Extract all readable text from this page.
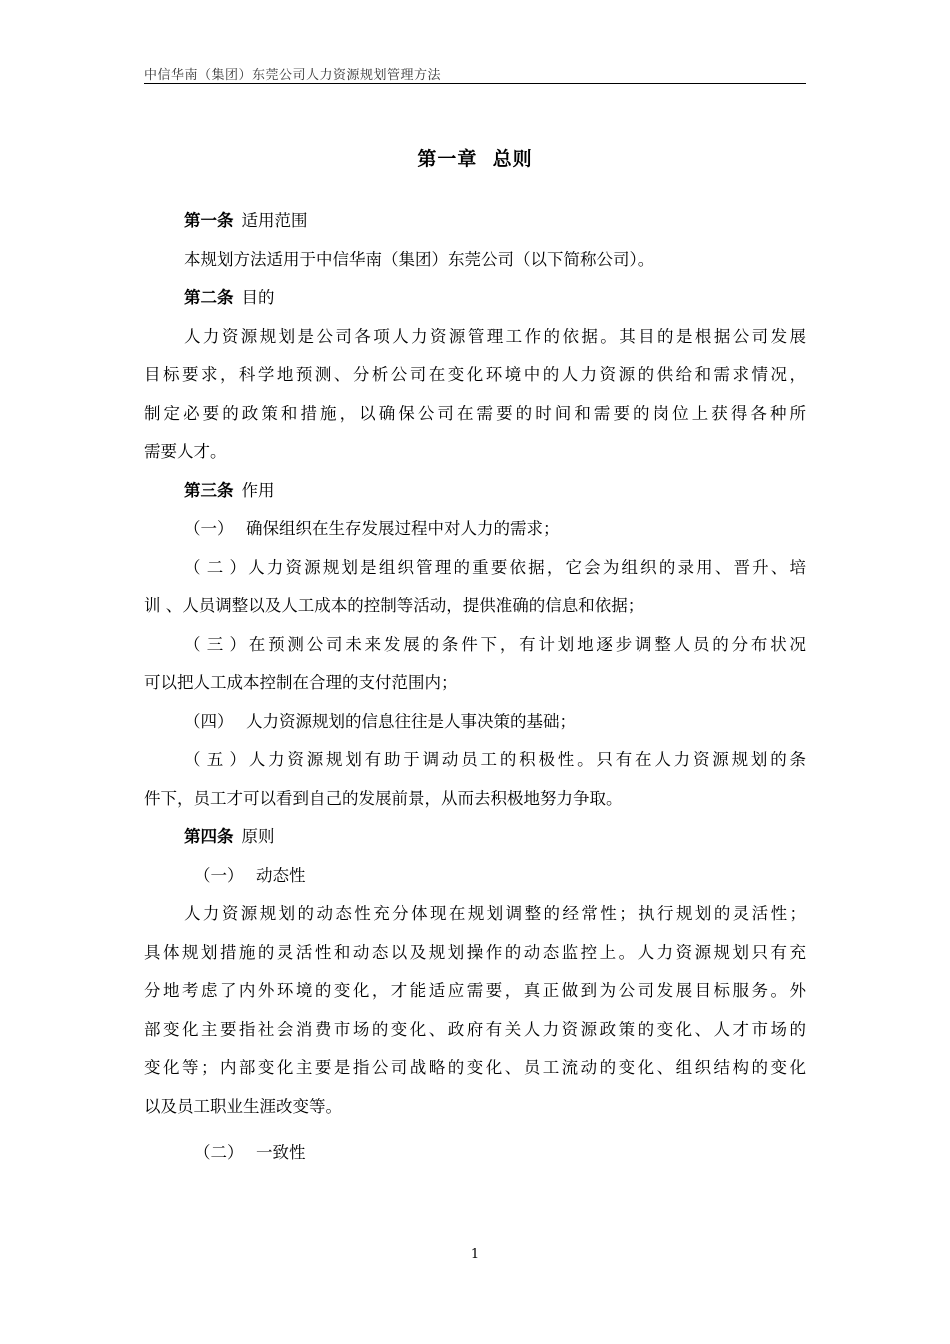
中信华南（集团）东莞公司人力资源规划管理方法
第一章  总则
第一条 适用范围
本规划方法适用于中信华南（集团）东莞公司（以下简称公司）。
第二条 目的
人力资源规划是公司各项人力资源管理工作的依据。其目的是根据公司发展
目标要求，科学地预测、分析公司在变化环境中的人力资源的供给和需求情况，
制定必要的政策和措施，以确保公司在需要的时间和需要的岗位上获得各种所
需要人才。
第三条 作用
（一） 确保组织在生存发展过程中对人力的需求；
（二）人力资源规划是组织管理的重要依据，它会为组织的录用、晋升、培
训 、人员调整以及人工成本的控制等活动，提供准确的信息和依据；
（三）在预测公司未来发展的条件下，有计划地逐步调整人员的分布状况
可以把人工成本控制在合理的支付范围内；
（四） 人力资源规划的信息往往是人事决策的基础；
（五）人力资源规划有助于调动员工的积极性。只有在人力资源规划的条
件下，员工才可以看到自己的发展前景，从而去积极地努力争取。
第四条 原则
（一） 动态性
人力资源规划的动态性充分体现在规划调整的经常性；执行规划的灵活性；
具体规划措施的灵活性和动态以及规划操作的动态监控上。人力资源规划只有充
分地考虑了内外环境的变化，才能适应需要，真正做到为公司发展目标服务。外
部变化主要指社会消费市场的变化、政府有关人力资源政策的变化、人才市场的
变化等；内部变化主要是指公司战略的变化、员工流动的变化、组织结构的变化
以及员工职业生涯改变等。
（二） 一致性
1
